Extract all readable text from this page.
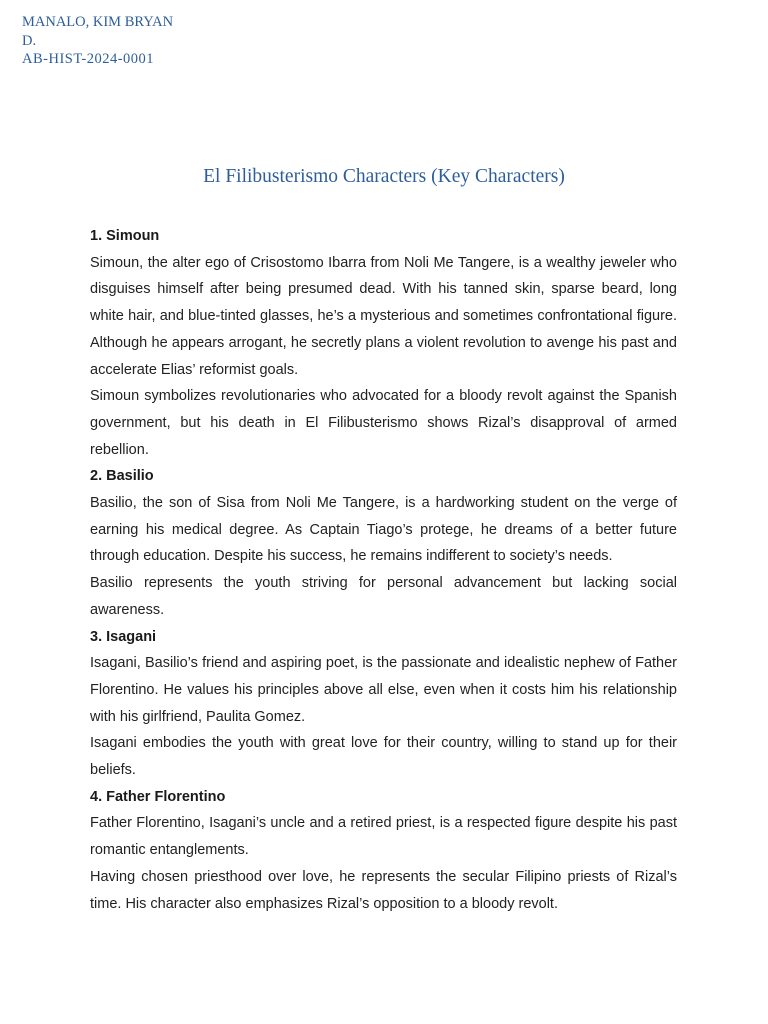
MANALO, KIM BRYAN
D.
AB-HIST-2024-0001
El Filibusterismo Characters (Key Characters)

1. Simoun

Simoun, the alter ego of Crisostomo Ibarra from Noli Me Tangere, is a wealthy jeweler who disguises himself after being presumed dead. With his tanned skin, sparse beard, long white hair, and blue-tinted glasses, he’s a mysterious and sometimes confrontational figure. Although he appears arrogant, he secretly plans a violent revolution to avenge his past and accelerate Elias’ reformist goals.

Simoun symbolizes revolutionaries who advocated for a bloody revolt against the Spanish government, but his death in El Filibusterismo shows Rizal’s disapproval of armed rebellion.

2. Basilio

Basilio, the son of Sisa from Noli Me Tangere, is a hardworking student on the verge of earning his medical degree. As Captain Tiago’s protege, he dreams of a better future through education. Despite his success, he remains indifferent to society’s needs.

Basilio represents the youth striving for personal advancement but lacking social awareness.

3. Isagani

Isagani, Basilio’s friend and aspiring poet, is the passionate and idealistic nephew of Father Florentino. He values his principles above all else, even when it costs him his relationship with his girlfriend, Paulita Gomez.

Isagani embodies the youth with great love for their country, willing to stand up for their beliefs.

4. Father Florentino

Father Florentino, Isagani’s uncle and a retired priest, is a respected figure despite his past romantic entanglements.

Having chosen priesthood over love, he represents the secular Filipino priests of Rizal’s time. His character also emphasizes Rizal’s opposition to a bloody revolt.
